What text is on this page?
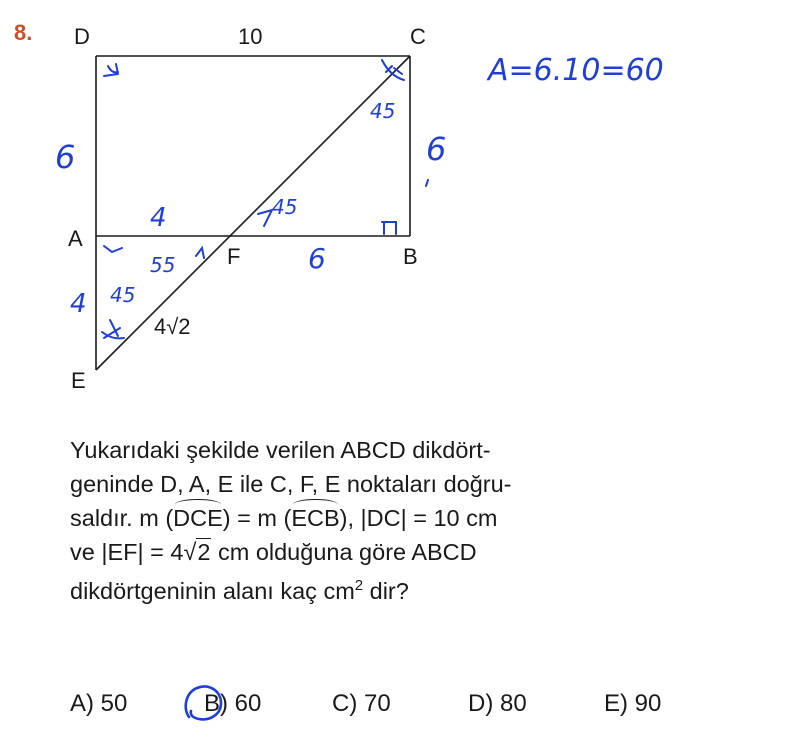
8. D	C
A
B
F
E
10
4√2
A=6.10=60
6	6
6
4
4
45
45
55
45
Yukarıdaki şekilde verilen ABCD dikdört-
geninde D, A, E ile C, F, E noktaları doğru-
saldır. m (DCE) = m (ECB), |DC| = 10 cm
ve |EF| = 4√2 cm olduğuna göre ABCD
dikdörtgeninin alanı kaç $cm^2$ dir?
A) 50	B) 60	C) 70	D) 80	E) 90
